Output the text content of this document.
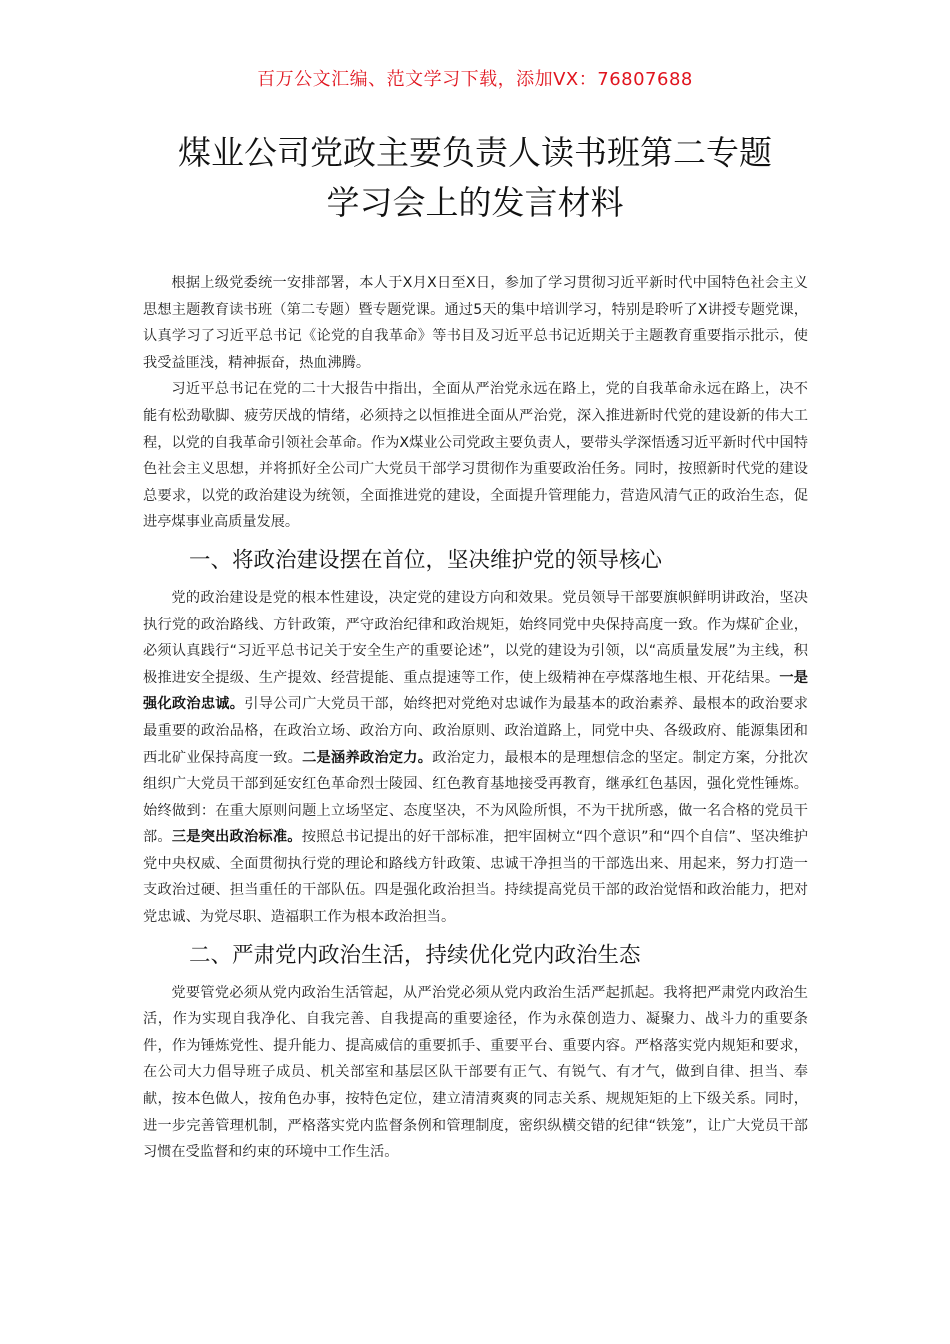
百万公文汇编、范文学习下载，添加VX：76807688
煤业公司党政主要负责人读书班第二专题
学习会上的发言材料

根据上级党委统一安排部署，本人于X月X日至X日，参加了学习贯彻习近平新时代中国特色社会主义思想主题教育读书班（第二专题）暨专题党课。通过5天的集中培训学习，特别是聆听了X讲授专题党课，认真学习了习近平总书记《论党的自我革命》等书目及习近平总书记近期关于主题教育重要指示批示，使我受益匪浅，精神振奋，热血沸腾。

习近平总书记在党的二十大报告中指出，全面从严治党永远在路上，党的自我革命永远在路上，决不能有松劲歇脚、疲劳厌战的情绪，必须持之以恒推进全面从严治党，深入推进新时代党的建设新的伟大工程，以党的自我革命引领社会革命。作为X煤业公司党政主要负责人，要带头学深悟透习近平新时代中国特色社会主义思想，并将抓好全公司广大党员干部学习贯彻作为重要政治任务。同时，按照新时代党的建设总要求，以党的政治建设为统领，全面推进党的建设，全面提升管理能力，营造风清气正的政治生态，促进亭煤事业高质量发展。

一、将政治建设摆在首位，坚决维护党的领导核心

党的政治建设是党的根本性建设，决定党的建设方向和效果。党员领导干部要旗帜鲜明讲政治，坚决执行党的政治路线、方针政策，严守政治纪律和政治规矩，始终同党中央保持高度一致。作为煤矿企业，必须认真践行“习近平总书记关于安全生产的重要论述”，以党的建设为引领，以“高质量发展”为主线，积极推进安全提级、生产提效、经营提能、重点提速等工作，使上级精神在亭煤落地生根、开花结果。一是强化政治忠诚。引导公司广大党员干部，始终把对党绝对忠诚作为最基本的政治素养、最根本的政治要求最重要的政治品格，在政治立场、政治方向、政治原则、政治道路上，同党中央、各级政府、能源集团和西北矿业保持高度一致。二是涵养政治定力。政治定力，最根本的是理想信念的坚定。制定方案，分批次组织广大党员干部到延安红色革命烈士陵园、红色教育基地接受再教育，继承红色基因，强化党性锤炼。始终做到：在重大原则问题上立场坚定、态度坚决，不为风险所惧，不为干扰所惑，做一名合格的党员干部。三是突出政治标准。按照总书记提出的好干部标准，把牢固树立“四个意识”和“四个自信”、坚决维护党中央权威、全面贯彻执行党的理论和路线方针政策、忠诚干净担当的干部选出来、用起来，努力打造一支政治过硬、担当重任的干部队伍。四是强化政治担当。持续提高党员干部的政治觉悟和政治能力，把对党忠诚、为党尽职、造福职工作为根本政治担当。

二、严肃党内政治生活，持续优化党内政治生态

党要管党必须从党内政治生活管起，从严治党必须从党内政治生活严起抓起。我将把严肃党内政治生活，作为实现自我净化、自我完善、自我提高的重要途径，作为永葆创造力、凝聚力、战斗力的重要条件，作为锤炼党性、提升能力、提高威信的重要抓手、重要平台、重要内容。严格落实党内规矩和要求，在公司大力倡导班子成员、机关部室和基层区队干部要有正气、有锐气、有才气，做到自律、担当、奉献，按本色做人，按角色办事，按特色定位，建立清清爽爽的同志关系、规规矩矩的上下级关系。同时，进一步完善管理机制，严格落实党内监督条例和管理制度，密织纵横交错的纪律“铁笼”，让广大党员干部习惯在受监督和约束的环境中工作生活。
